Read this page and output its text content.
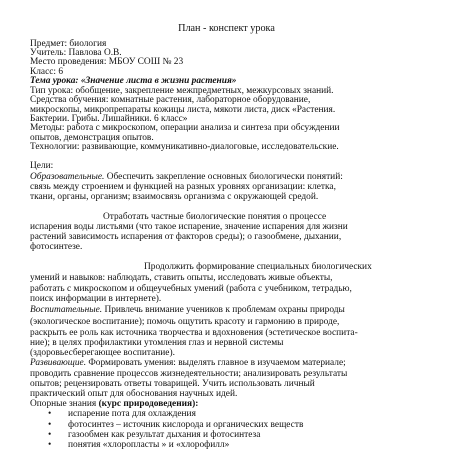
План - конспект урока
Предмет: биология
Учитель: Павлова О.В.
Место проведения: МБОУ СОШ № 23
Класс: 6
Тема урока: «Значение листа в жизни растения»
Тип урока: обобщение, закрепление межпредметных, межкурсовых знаний.
Средства обучения: комнатные растения, лабораторное оборудование,
микроскопы, микропрепараты кожицы листа, мякоти листа, диск «Растения.
Бактерии. Грибы. Лишайники. 6 класс»
Методы: работа с микроскопом, операции анализа и синтеза при обсуждении
опытов, демонстрация опытов.
Технологии: развивающие, коммуникативно-диалоговые, исследовательские.
Цели:
Образовательные. Обеспечить закрепление основных биологически понятий:
связь между строением и функцией на разных уровнях организации: клетка,
ткани, органы, организм; взаимосвязь организма с окружающей средой.
Отработать частные биологические понятия о процессе
испарения воды листьями (что такое испарение, значение испарения для жизни
растений зависимость испарения от факторов среды); о газообмене, дыхании,
фотосинтезе.
Продолжить формирование специальных биологических
умений и навыков: наблюдать, ставить опыты, исследовать живые объекты,
работать с микроскопом и общеучебных умений (работа с учебником, тетрадью,
поиск информации в интернете).
Воспитательные. Привлечь внимание учеников к проблемам охраны природы
(экологическое воспитание); помочь ощутить красоту и гармонию в природе,
раскрыть ее роль как источника творчества и вдохновения (эстетическое воспита-
ние); в целях профилактики утомления глаз и нервной системы
(здоровьесберегающее воспитание).
Развивающие. Формировать умения: выделять главное в изучаемом материале;
проводить сравнение процессов жизнедеятельности; анализировать результаты
опытов; рецензировать ответы товарищей. Учить использовать личный
практический опыт для обоснования научных идей.
Опорные знания (курс природоведения):
• испарение пота для охлаждения
• фотосинтез – источник кислорода и органических веществ
• газообмен как результат дыхания и фотосинтеза
• понятия «хлоропласты » и «хлорофилл»
